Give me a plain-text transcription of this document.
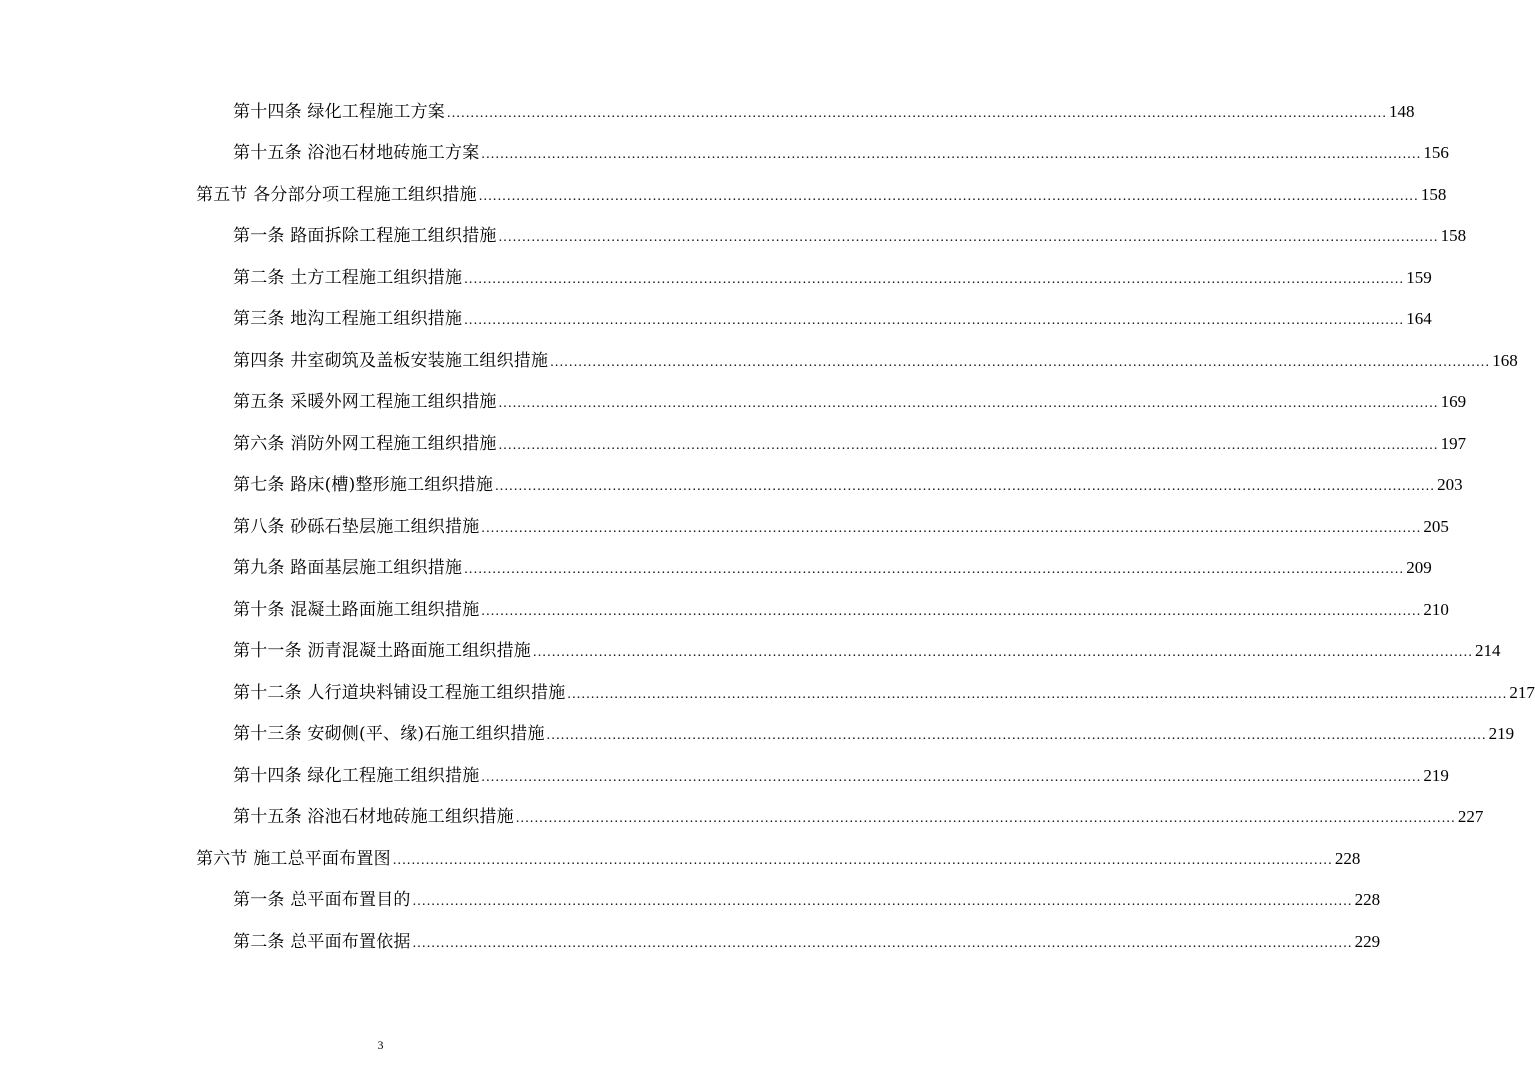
第十四条 绿化工程施工方案 ........................................................................................................................................................................................................ 148
第十五条 浴池石材地砖施工方案 ........................................................................................................................................................................................................ 156
第五节 各分部分项工程施工组织措施 ........................................................................................................................................................................................................ 158
第一条 路面拆除工程施工组织措施 ........................................................................................................................................................................................................ 158
第二条 土方工程施工组织措施 ........................................................................................................................................................................................................ 159
第三条 地沟工程施工组织措施 ........................................................................................................................................................................................................ 164
第四条 井室砌筑及盖板安装施工组织措施 ........................................................................................................................................................................................................ 168
第五条 采暖外网工程施工组织措施 ........................................................................................................................................................................................................ 169
第六条 消防外网工程施工组织措施 ........................................................................................................................................................................................................ 197
第七条 路床(槽)整形施工组织措施 ........................................................................................................................................................................................................ 203
第八条 砂砾石垫层施工组织措施 ........................................................................................................................................................................................................ 205
第九条 路面基层施工组织措施 ........................................................................................................................................................................................................ 209
第十条 混凝土路面施工组织措施 ........................................................................................................................................................................................................ 210
第十一条 沥青混凝土路面施工组织措施 ........................................................................................................................................................................................................ 214
第十二条 人行道块料铺设工程施工组织措施 ........................................................................................................................................................................................................ 217
第十三条 安砌侧(平、缘)石施工组织措施 ........................................................................................................................................................................................................ 219
第十四条 绿化工程施工组织措施 ........................................................................................................................................................................................................ 219
第十五条 浴池石材地砖施工组织措施 ........................................................................................................................................................................................................ 227
第六节 施工总平面布置图 ........................................................................................................................................................................................................ 228
第一条 总平面布置目的 ........................................................................................................................................................................................................ 228
第二条 总平面布置依据 ........................................................................................................................................................................................................ 229
3
